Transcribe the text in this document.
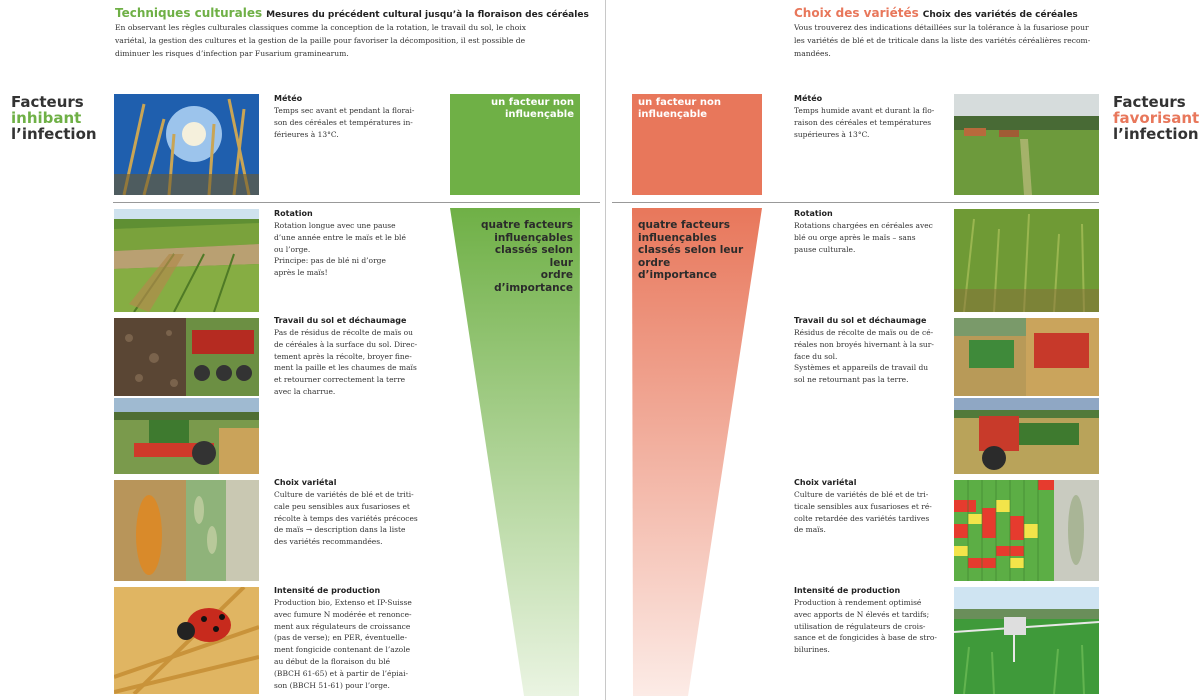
Techniques culturales Mesures du précédent cultural jusqu’à la floraison des céréales
En observant les règles culturales classiques comme la conception de la rotation, le travail du sol, le choix
variétal, la gestion des cultures et la gestion de la paille pour favoriser la décomposition, il est possible de
diminuer les risques d’infection par Fusarium graminearum.
Choix des variétés Choix des variétés de céréales
Vous trouverez des indications détaillées sur la tolérance à la fusariose pour
les variétés de blé et de triticale dans la liste des variétés céréalières recom-
mandées.
Facteurs
inhibant
l’infection
Facteurs
favorisant
l’infection
un facteur non
influençable
un facteur non
influençable
quatre facteurs
influençables
classés selon
leur
ordre
d’importance
quatre facteurs
influençables
classés selon leur
ordre
d’importance
Météo
Temps sec avant et pendant la florai-
son des céréales et températures in-
férieures à 13°C.
Rotation
Rotation longue avec une pause
d’une année entre le maïs et le blé
ou l’orge.
Principe: pas de blé ni d’orge
après le maïs!
Travail du sol et déchaumage
Pas de résidus de récolte de maïs ou
de céréales à la surface du sol. Direc-
tement après la récolte, broyer fine-
ment la paille et les chaumes de maïs
et retourner correctement la terre
avec la charrue.
Choix variétal
Culture de variétés de blé et de triti-
cale peu sensibles aux fusarioses et
récolte à temps des variétés précoces
de maïs → description dans la liste
des variétés recommandées.
Intensité de production
Production bio, Extenso et IP-Suisse
avec fumure N modérée et renonce-
ment aux régulateurs de croissance
(pas de verse); en PER, éventuelle-
ment fongicide contenant de l’azole
au début de la floraison du blé
(BBCH 61-65) et à partir de l’épiai-
son (BBCH 51-61) pour l’orge.
Météo
Temps humide avant et durant la flo-
raison des céréales et températures
supérieures à 13°C.
Rotation
Rotations chargées en céréales avec
blé ou orge après le maïs – sans
pause culturale.
Travail du sol et déchaumage
Résidus de récolte de maïs ou de cé-
réales non broyés hivernant à la sur-
face du sol.
Systèmes et appareils de travail du
sol ne retournant pas la terre.
Choix variétal
Culture de variétés de blé et de tri-
ticale sensibles aux fusarioses et ré-
colte retardée des variétés tardives
de maïs.
Intensité de production
Production à rendement optimisé
avec apports de N élevés et tardifs;
utilisation de régulateurs de crois-
sance et de fongicides à base de stro-
bilurines.
